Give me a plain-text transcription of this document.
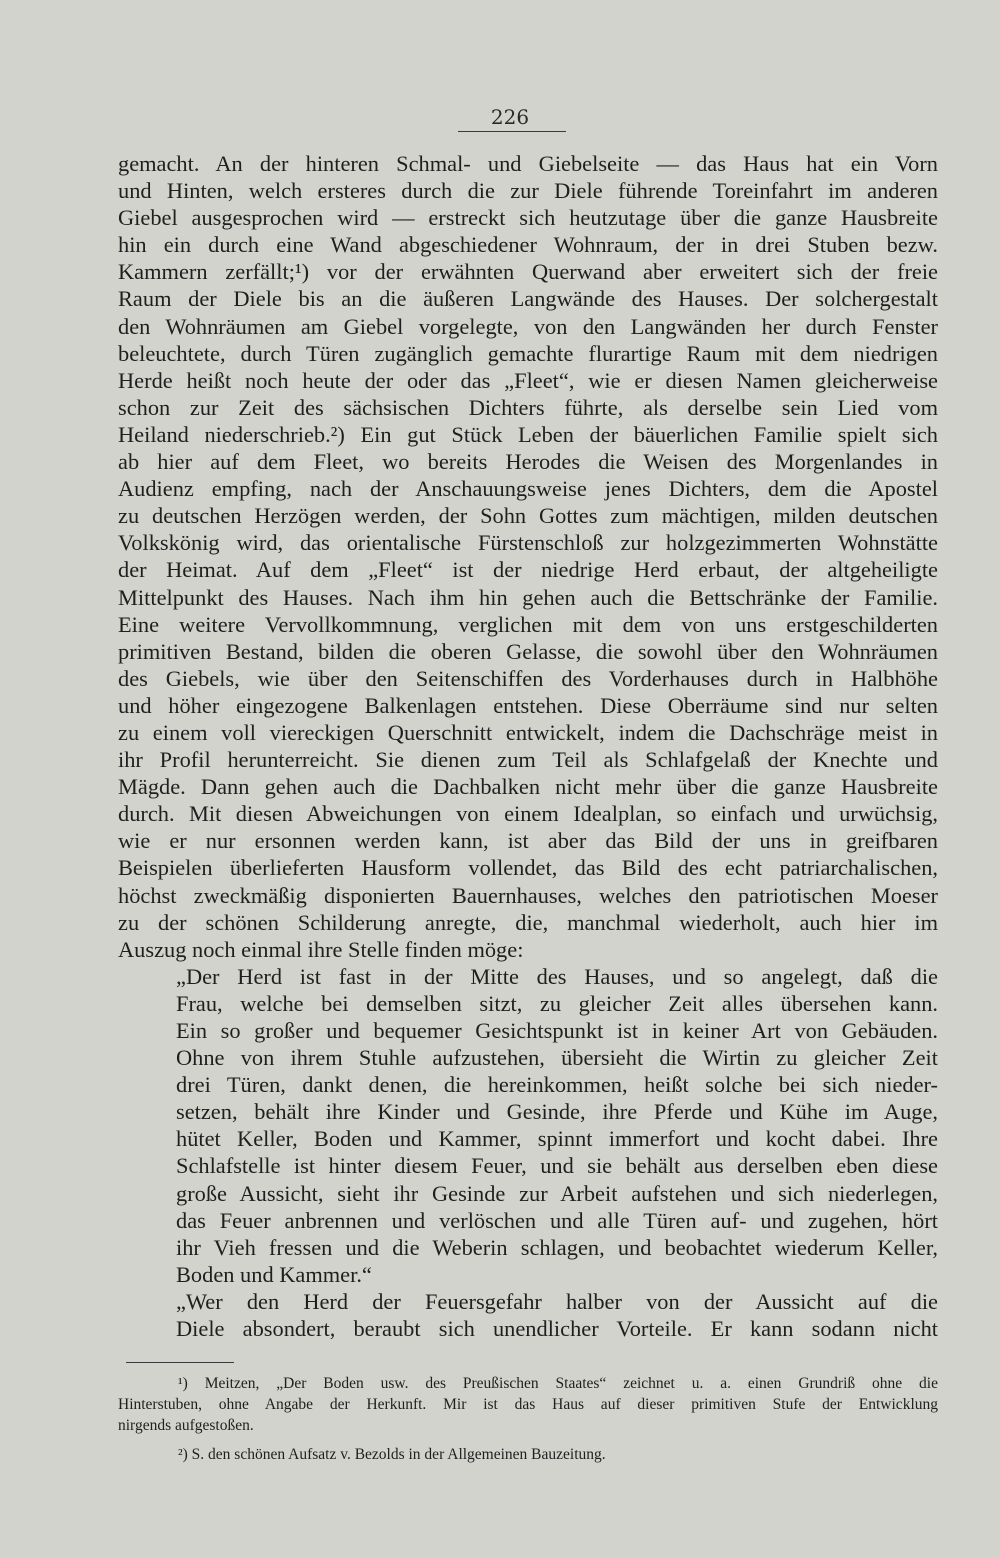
226
gemacht. An der hinteren Schmal- und Giebelseite — das Haus hat ein Vorn
und Hinten, welch ersteres durch die zur Diele führende Toreinfahrt im anderen
Giebel ausgesprochen wird — erstreckt sich heutzutage über die ganze Hausbreite
hin ein durch eine Wand abgeschiedener Wohnraum, der in drei Stuben bezw.
Kammern zerfällt;¹) vor der erwähnten Querwand aber erweitert sich der freie
Raum der Diele bis an die äußeren Langwände des Hauses. Der solchergestalt
den Wohnräumen am Giebel vorgelegte, von den Langwänden her durch Fenster
beleuchtete, durch Türen zugänglich gemachte flurartige Raum mit dem niedrigen
Herde heißt noch heute der oder das „Fleet“, wie er diesen Namen gleicherweise
schon zur Zeit des sächsischen Dichters führte, als derselbe sein Lied vom
Heiland niederschrieb.²) Ein gut Stück Leben der bäuerlichen Familie spielt sich
ab hier auf dem Fleet, wo bereits Herodes die Weisen des Morgenlandes in
Audienz empfing, nach der Anschauungsweise jenes Dichters, dem die Apostel
zu deutschen Herzögen werden, der Sohn Gottes zum mächtigen, milden deutschen
Volkskönig wird, das orientalische Fürstenschloß zur holzgezimmerten Wohnstätte
der Heimat. Auf dem „Fleet“ ist der niedrige Herd erbaut, der altgeheiligte
Mittelpunkt des Hauses. Nach ihm hin gehen auch die Bettschränke der Familie.
Eine weitere Vervollkommnung, verglichen mit dem von uns erstgeschilderten
primitiven Bestand, bilden die oberen Gelasse, die sowohl über den Wohnräumen
des Giebels, wie über den Seitenschiffen des Vorderhauses durch in Halbhöhe
und höher eingezogene Balkenlagen entstehen. Diese Oberräume sind nur selten
zu einem voll viereckigen Querschnitt entwickelt, indem die Dachschräge meist in
ihr Profil herunterreicht. Sie dienen zum Teil als Schlafgelaß der Knechte und
Mägde. Dann gehen auch die Dachbalken nicht mehr über die ganze Hausbreite
durch. Mit diesen Abweichungen von einem Idealplan, so einfach und urwüchsig,
wie er nur ersonnen werden kann, ist aber das Bild der uns in greifbaren
Beispielen überlieferten Hausform vollendet, das Bild des echt patriarchalischen,
höchst zweckmäßig disponierten Bauernhauses, welches den patriotischen Moeser
zu der schönen Schilderung anregte, die, manchmal wiederholt, auch hier im
Auszug noch einmal ihre Stelle finden möge:
„Der Herd ist fast in der Mitte des Hauses, und so angelegt, daß die
Frau, welche bei demselben sitzt, zu gleicher Zeit alles übersehen kann.
Ein so großer und bequemer Gesichtspunkt ist in keiner Art von Gebäuden.
Ohne von ihrem Stuhle aufzustehen, übersieht die Wirtin zu gleicher Zeit
drei Türen, dankt denen, die hereinkommen, heißt solche bei sich nieder-
setzen, behält ihre Kinder und Gesinde, ihre Pferde und Kühe im Auge,
hütet Keller, Boden und Kammer, spinnt immerfort und kocht dabei. Ihre
Schlafstelle ist hinter diesem Feuer, und sie behält aus derselben eben diese
große Aussicht, sieht ihr Gesinde zur Arbeit aufstehen und sich niederlegen,
das Feuer anbrennen und verlöschen und alle Türen auf- und zugehen, hört
ihr Vieh fressen und die Weberin schlagen, und beobachtet wiederum Keller,
Boden und Kammer.“
„Wer den Herd der Feuersgefahr halber von der Aussicht auf die
Diele absondert, beraubt sich unendlicher Vorteile. Er kann sodann nicht
¹) Meitzen, „Der Boden usw. des Preußischen Staates“ zeichnet u. a. einen Grundriß ohne die
Hinterstuben, ohne Angabe der Herkunft. Mir ist das Haus auf dieser primitiven Stufe der Entwicklung
nirgends aufgestoßen.
²) S. den schönen Aufsatz v. Bezolds in der Allgemeinen Bauzeitung.
